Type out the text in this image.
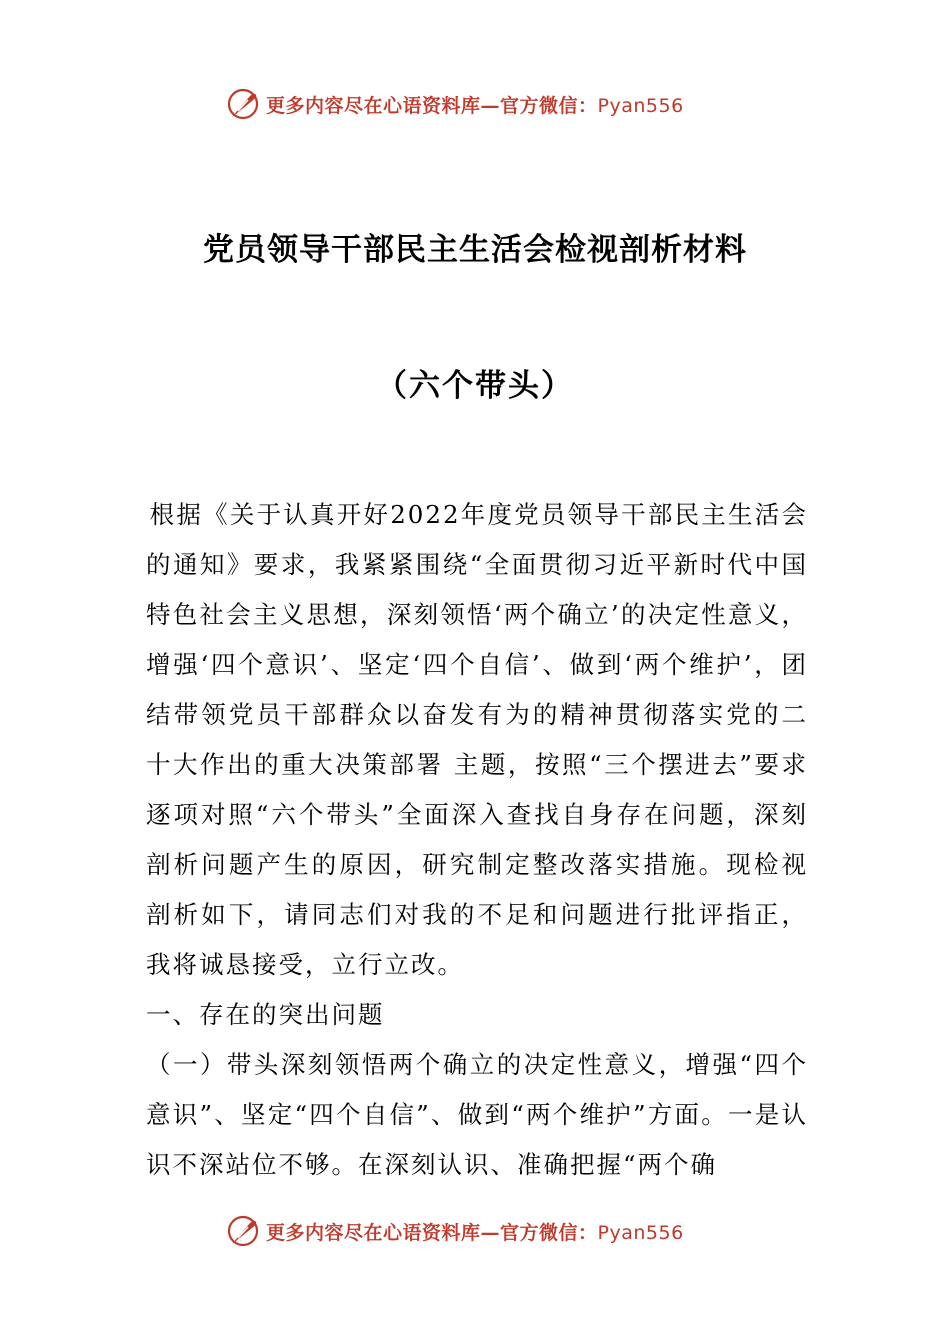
更多内容尽在心语资料库—官方微信：Pyan556
党员领导干部民主生活会检视剖析材料
（六个带头）

根据《关于认真开好2022年度党员领导干部民主生活会的通知》要求，我紧紧围绕“全面贯彻习近平新时代中国特色社会主义思想，深刻领悟‘两个确立’的决定性意义，增强‘四个意识’、坚定‘四个自信’、做到‘两个维护’，团结带领党员干部群众以奋发有为的精神贯彻落实党的二十大作出的重大决策部署 主题，按照“三个摆进去”要求逐项对照“六个带头”全面深入查找自身存在问题，深刻剖析问题产生的原因，研究制定整改落实措施。现检视剖析如下，请同志们对我的不足和问题进行批评指正，我将诚恳接受，立行立改。

一、存在的突出问题

（一）带头深刻领悟两个确立的决定性意义，增强“四个意识”、坚定“四个自信”、做到“两个维护”方面。一是认识不深站位不够。在深刻认识、准确把握“两个确

更多内容尽在心语资料库—官方微信：Pyan556
